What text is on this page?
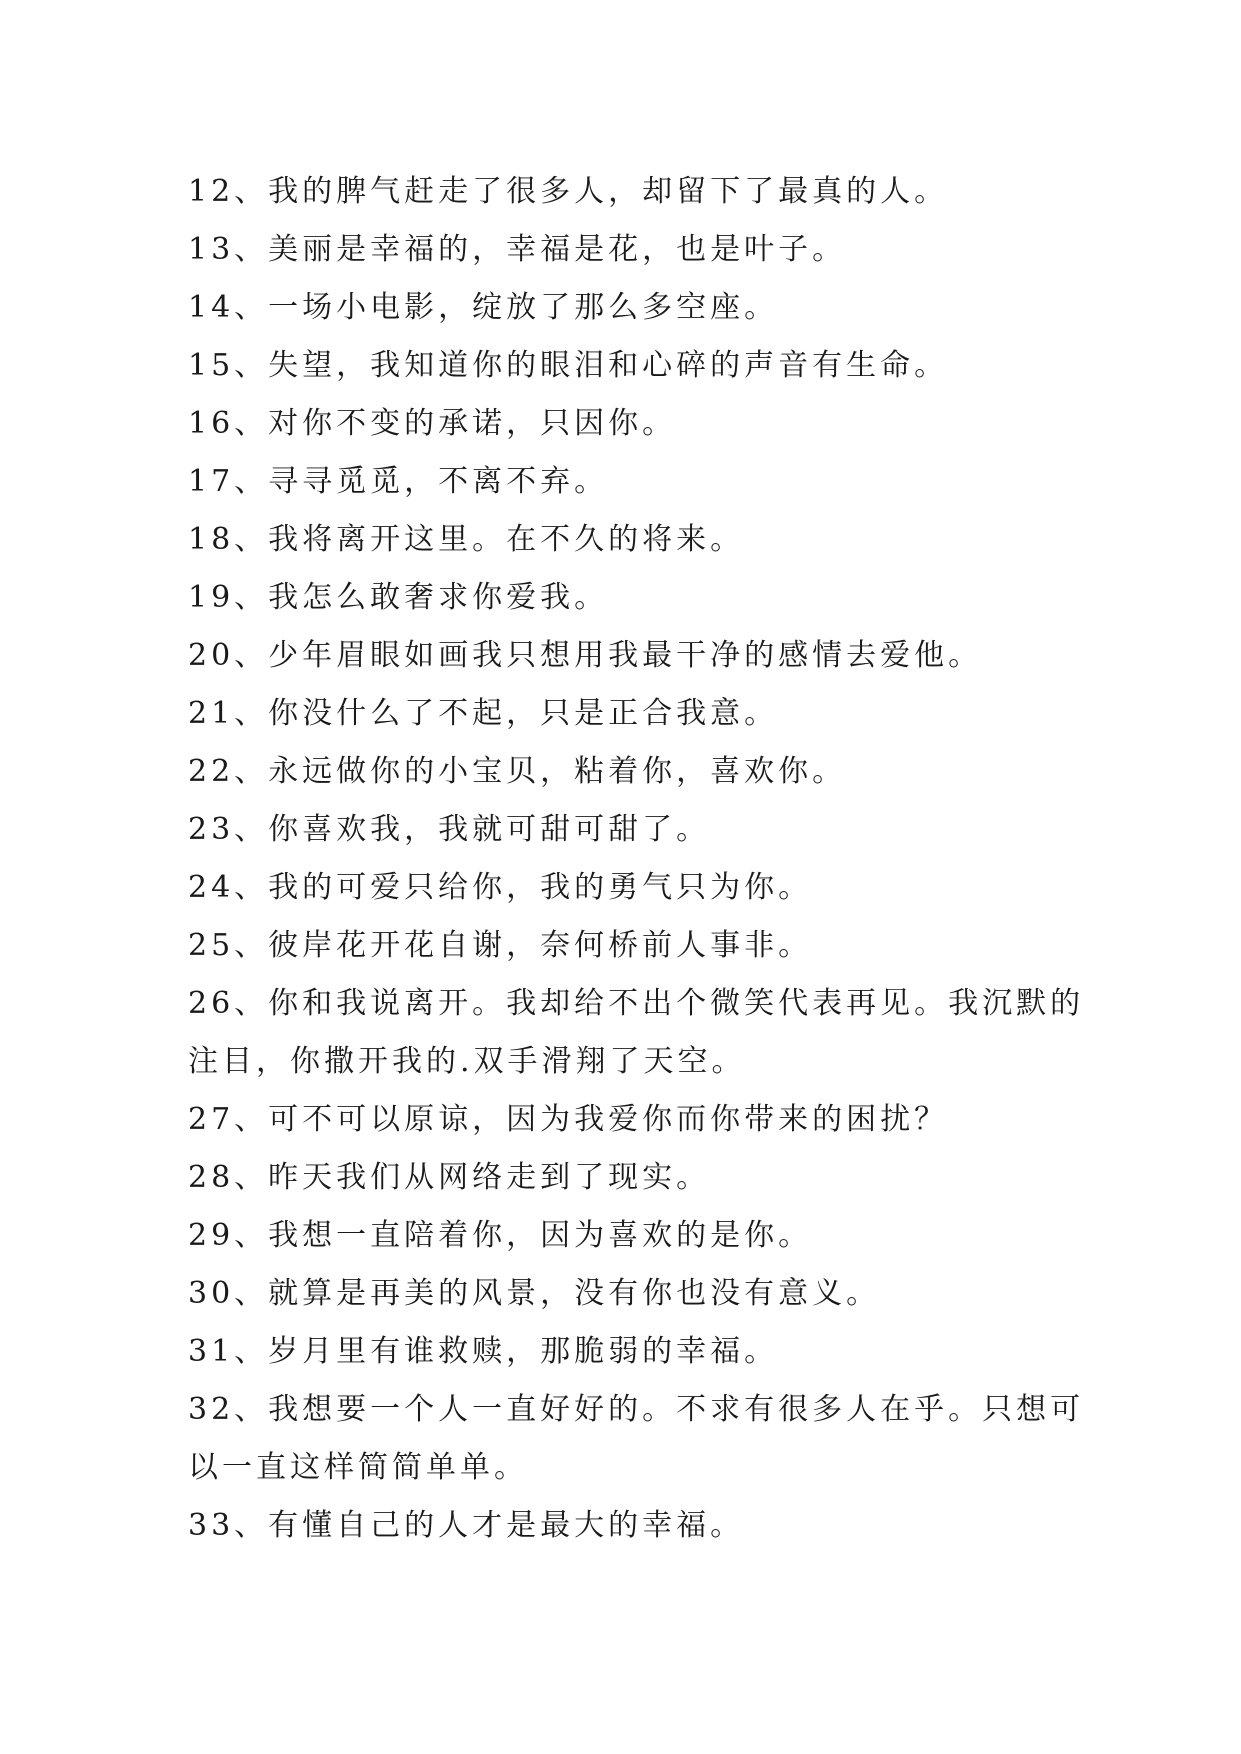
12、我的脾气赶走了很多人，却留下了最真的人。
13、美丽是幸福的，幸福是花，也是叶子。
14、一场小电影，绽放了那么多空座。
15、失望，我知道你的眼泪和心碎的声音有生命。
16、对你不变的承诺，只因你。
17、寻寻觅觅，不离不弃。
18、我将离开这里。在不久的将来。
19、我怎么敢奢求你爱我。
20、少年眉眼如画我只想用我最干净的感情去爱他。
21、你没什么了不起，只是正合我意。
22、永远做你的小宝贝，粘着你，喜欢你。
23、你喜欢我，我就可甜可甜了。
24、我的可爱只给你，我的勇气只为你。
25、彼岸花开花自谢，奈何桥前人事非。
26、你和我说离开。我却给不出个微笑代表再见。我沉默的
注目，你撒开我的.双手滑翔了天空。
27、可不可以原谅，因为我爱你而你带来的困扰？
28、昨天我们从网络走到了现实。
29、我想一直陪着你，因为喜欢的是你。
30、就算是再美的风景，没有你也没有意义。
31、岁月里有谁救赎，那脆弱的幸福。
32、我想要一个人一直好好的。不求有很多人在乎。只想可
以一直这样简简单单。
33、有懂自己的人才是最大的幸福。
